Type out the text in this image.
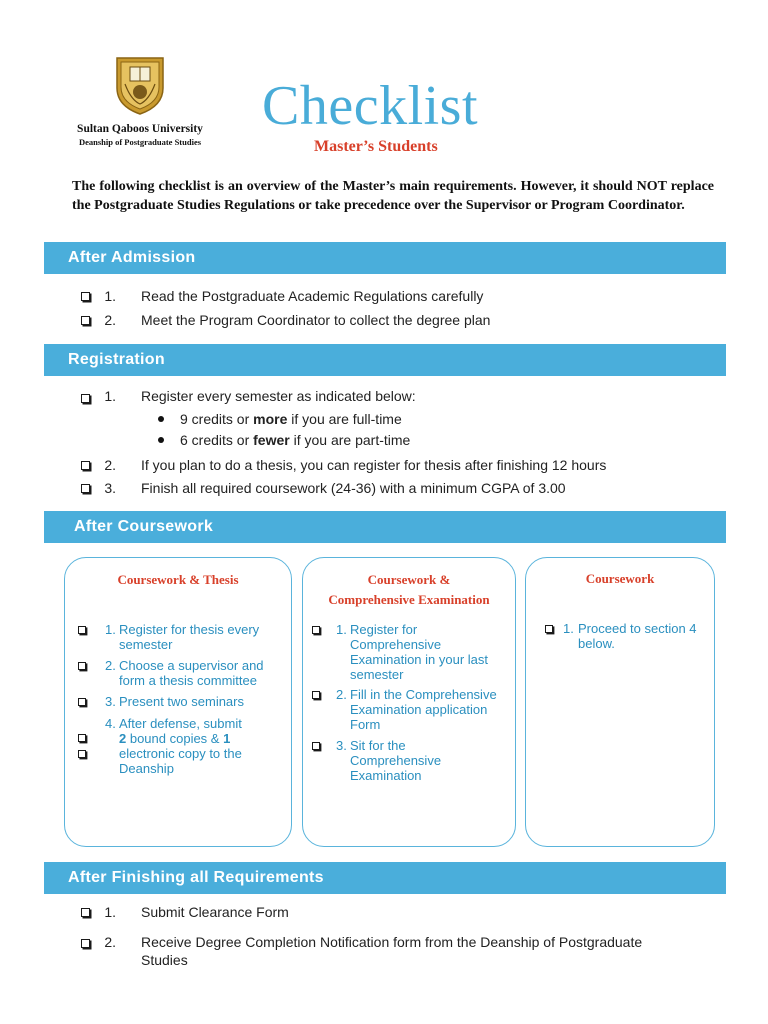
Sultan Qaboos University
Deanship of Postgraduate Studies
Checklist
Master’s Students
The following checklist is an overview of the Master’s main requirements. However, it should NOT replace the Postgraduate Studies Regulations or take precedence over the Supervisor or Program Coordinator.
After Admission
1. Read the Postgraduate Academic Regulations carefully
2. Meet the Program Coordinator to collect the degree plan
Registration
1. Register every semester as indicated below:
9 credits or more if you are full-time
6 credits or fewer if you are part-time
2. If you plan to do a thesis, you can register for thesis after finishing 12 hours
3. Finish all required coursework (24-36) with a minimum CGPA of 3.00
After Coursework
Coursework & Thesis
1. Register for thesis every
semester
2. Choose a supervisor and
form a thesis committee
3. Present two seminars
4. After defense, submit
2 bound copies & 1
electronic copy to the
Deanship
Coursework &
Comprehensive Examination
1. Register for
Comprehensive
Examination in your last
semester
2. Fill in the Comprehensive
Examination application
Form
3. Sit for the
Comprehensive
Examination
Coursework
1. Proceed to section 4
below.
After Finishing all Requirements
1. Submit Clearance Form
2. Receive Degree Completion Notification form from the Deanship of Postgraduate
Studies
